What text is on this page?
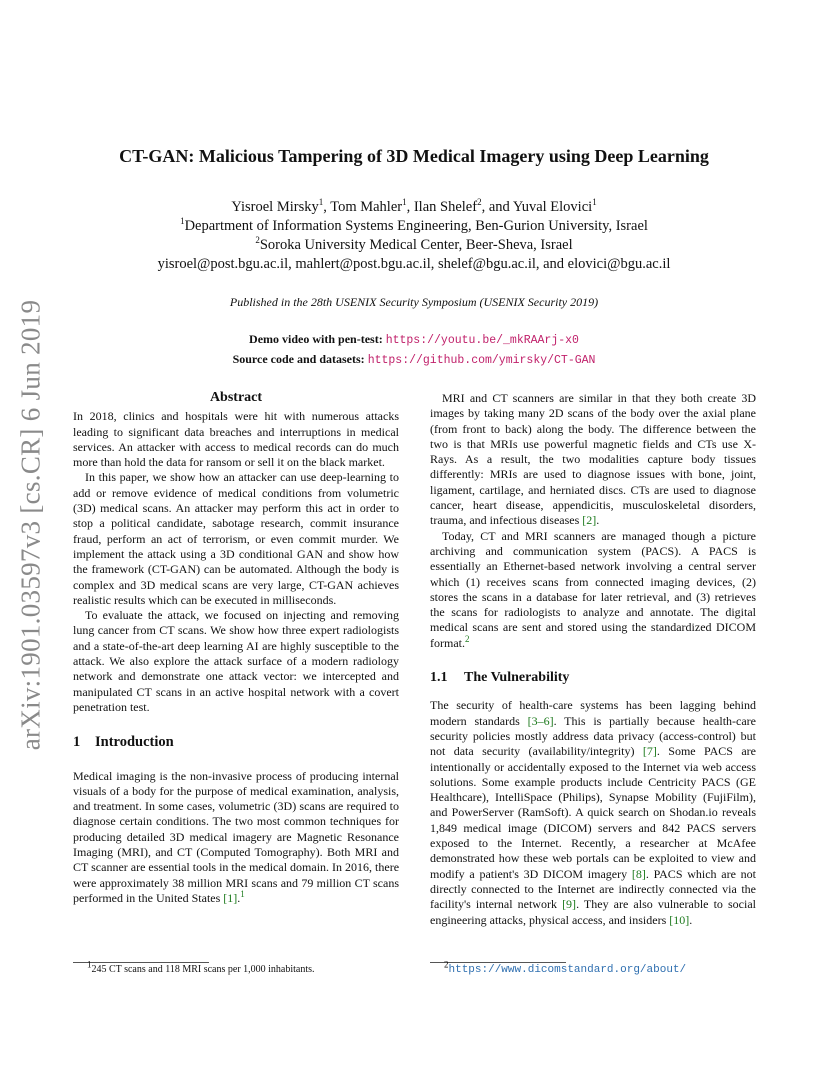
arXiv:1901.03597v3 [cs.CR] 6 Jun 2019
CT-GAN: Malicious Tampering of 3D Medical Imagery using Deep Learning
Yisroel Mirsky$^1$, Tom Mahler$^1$, Ilan Shelef$^2$, and Yuval Elovici$^1$
$^1$Department of Information Systems Engineering, Ben-Gurion University, Israel
$^2$Soroka University Medical Center, Beer-Sheva, Israel
yisroel@post.bgu.ac.il, mahlert@post.bgu.ac.il, shelef@bgu.ac.il, and elovici@bgu.ac.il
Published in the 28th USENIX Security Symposium (USENIX Security 2019)
Demo video with pen-test: https://youtu.be/_mkRAArj-x0
Source code and datasets: https://github.com/ymirsky/CT-GAN
Abstract

In 2018, clinics and hospitals were hit with numerous attacks leading to significant data breaches and interruptions in medical services. An attacker with access to medical records can do much more than hold the data for ransom or sell it on the black market.

In this paper, we show how an attacker can use deep-learning to add or remove evidence of medical conditions from volumetric (3D) medical scans. An attacker may perform this act in order to stop a political candidate, sabotage research, commit insurance fraud, perform an act of terrorism, or even commit murder. We implement the attack using a 3D conditional GAN and show how the framework (CT-GAN) can be automated. Although the body is complex and 3D medical scans are very large, CT-GAN achieves realistic results which can be executed in milliseconds.

To evaluate the attack, we focused on injecting and removing lung cancer from CT scans. We show how three expert radiologists and a state-of-the-art deep learning AI are highly susceptible to the attack. We also explore the attack surface of a modern radiology network and demonstrate one attack vector: we intercepted and manipulated CT scans in an active hospital network with a covert penetration test.

1 Introduction

Medical imaging is the non-invasive process of producing internal visuals of a body for the purpose of medical examination, analysis, and treatment. In some cases, volumetric (3D) scans are required to diagnose certain conditions. The two most common techniques for producing detailed 3D medical imagery are Magnetic Resonance Imaging (MRI), and CT (Computed Tomography). Both MRI and CT scanner are essential tools in the medical domain. In 2016, there were approximately 38 million MRI scans and 79 million CT scans performed in the United States [1].$^1$

MRI and CT scanners are similar in that they both create 3D images by taking many 2D scans of the body over the axial plane (from front to back) along the body. The difference between the two is that MRIs use powerful magnetic fields and CTs use X-Rays. As a result, the two modalities capture body tissues differently: MRIs are used to diagnose issues with bone, joint, ligament, cartilage, and herniated discs. CTs are used to diagnose cancer, heart disease, appendicitis, musculoskeletal disorders, trauma, and infectious diseases [2].

Today, CT and MRI scanners are managed though a picture archiving and communication system (PACS). A PACS is essentially an Ethernet-based network involving a central server which (1) receives scans from connected imaging devices, (2) stores the scans in a database for later retrieval, and (3) retrieves the scans for radiologists to analyze and annotate. The digital medical scans are sent and stored using the standardized DICOM format.$^2$

1.1 The Vulnerability

The security of health-care systems has been lagging behind modern standards [3–6]. This is partially because health-care security policies mostly address data privacy (access-control) but not data security (availability/integrity) [7]. Some PACS are intentionally or accidentally exposed to the Internet via web access solutions. Some example products include Centricity PACS (GE Healthcare), IntelliSpace (Philips), Synapse Mobility (FujiFilm), and PowerServer (RamSoft). A quick search on Shodan.io reveals 1,849 medical image (DICOM) servers and 842 PACS servers exposed to the Internet. Recently, a researcher at McAfee demonstrated how these web portals can be exploited to view and modify a patient's 3D DICOM imagery [8]. PACS which are not directly connected to the Internet are indirectly connected via the facility's internal network [9]. They are also vulnerable to social engineering attacks, physical access, and insiders [10].

$^1$245 CT scans and 118 MRI scans per 1,000 inhabitants.	$^2$https://www.dicomstandard.org/about/
